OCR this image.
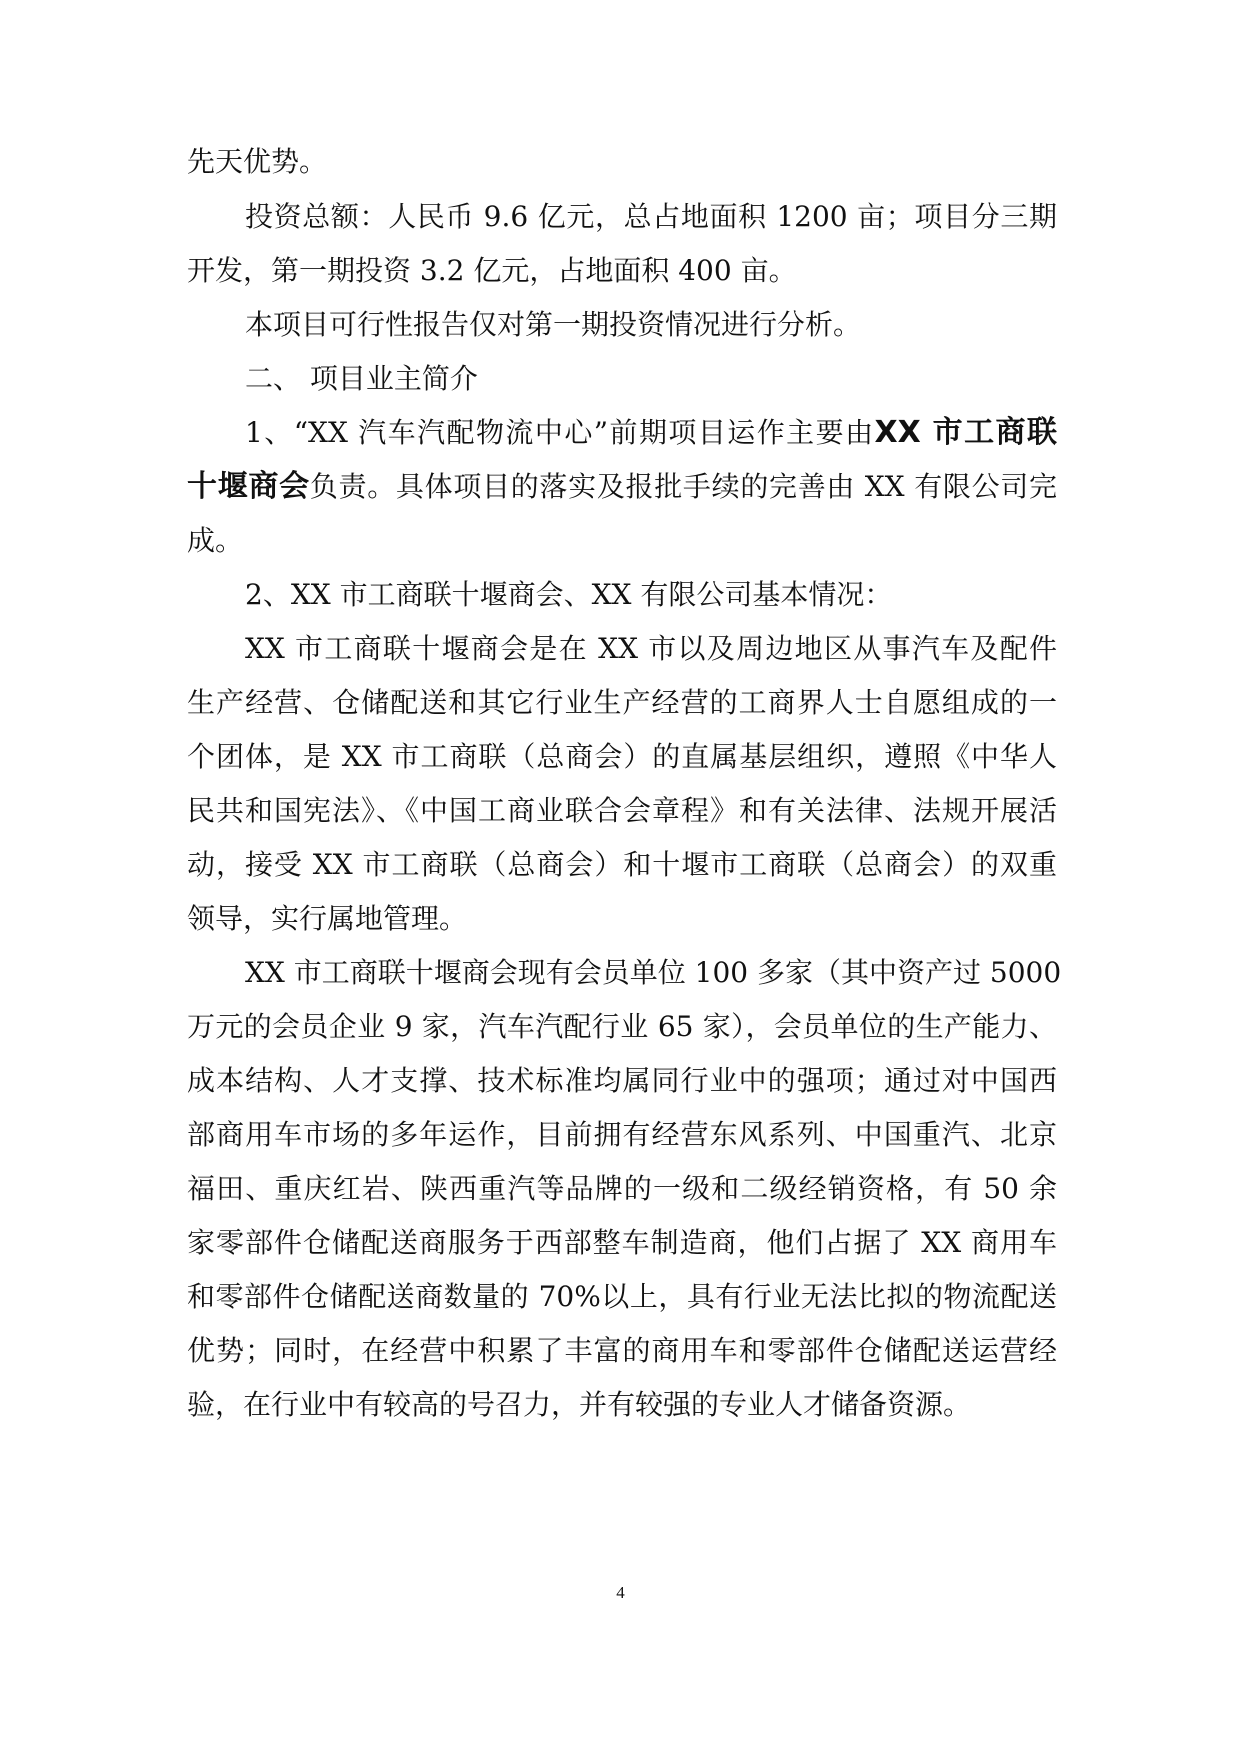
先天优势。
投资总额：人民币 9.6 亿元，总占地面积 1200 亩；项目分三期
开发，第一期投资 3.2 亿元，占地面积 400 亩。
本项目可行性报告仅对第一期投资情况进行分析。
二、 项目业主简介
1、“XX 汽车汽配物流中心”前期项目运作主要由XX 市工商联
十堰商会负责。具体项目的落实及报批手续的完善由 XX 有限公司完
成。
2、XX 市工商联十堰商会、XX 有限公司基本情况：
XX 市工商联十堰商会是在 XX 市以及周边地区从事汽车及配件
生产经营、仓储配送和其它行业生产经营的工商界人士自愿组成的一
个团体，是 XX 市工商联（总商会）的直属基层组织，遵照《中华人
民共和国宪法》、《中国工商业联合会章程》和有关法律、法规开展活
动，接受 XX 市工商联（总商会）和十堰市工商联（总商会）的双重
领导，实行属地管理。
XX 市工商联十堰商会现有会员单位 100 多家（其中资产过 5000
万元的会员企业 9 家，汽车汽配行业 65 家），会员单位的生产能力、
成本结构、人才支撑、技术标准均属同行业中的强项；通过对中国西
部商用车市场的多年运作，目前拥有经营东风系列、中国重汽、北京
福田、重庆红岩、陕西重汽等品牌的一级和二级经销资格，有 50 余
家零部件仓储配送商服务于西部整车制造商，他们占据了 XX 商用车
和零部件仓储配送商数量的 70%以上，具有行业无法比拟的物流配送
优势；同时，在经营中积累了丰富的商用车和零部件仓储配送运营经
验，在行业中有较高的号召力，并有较强的专业人才储备资源。
4
